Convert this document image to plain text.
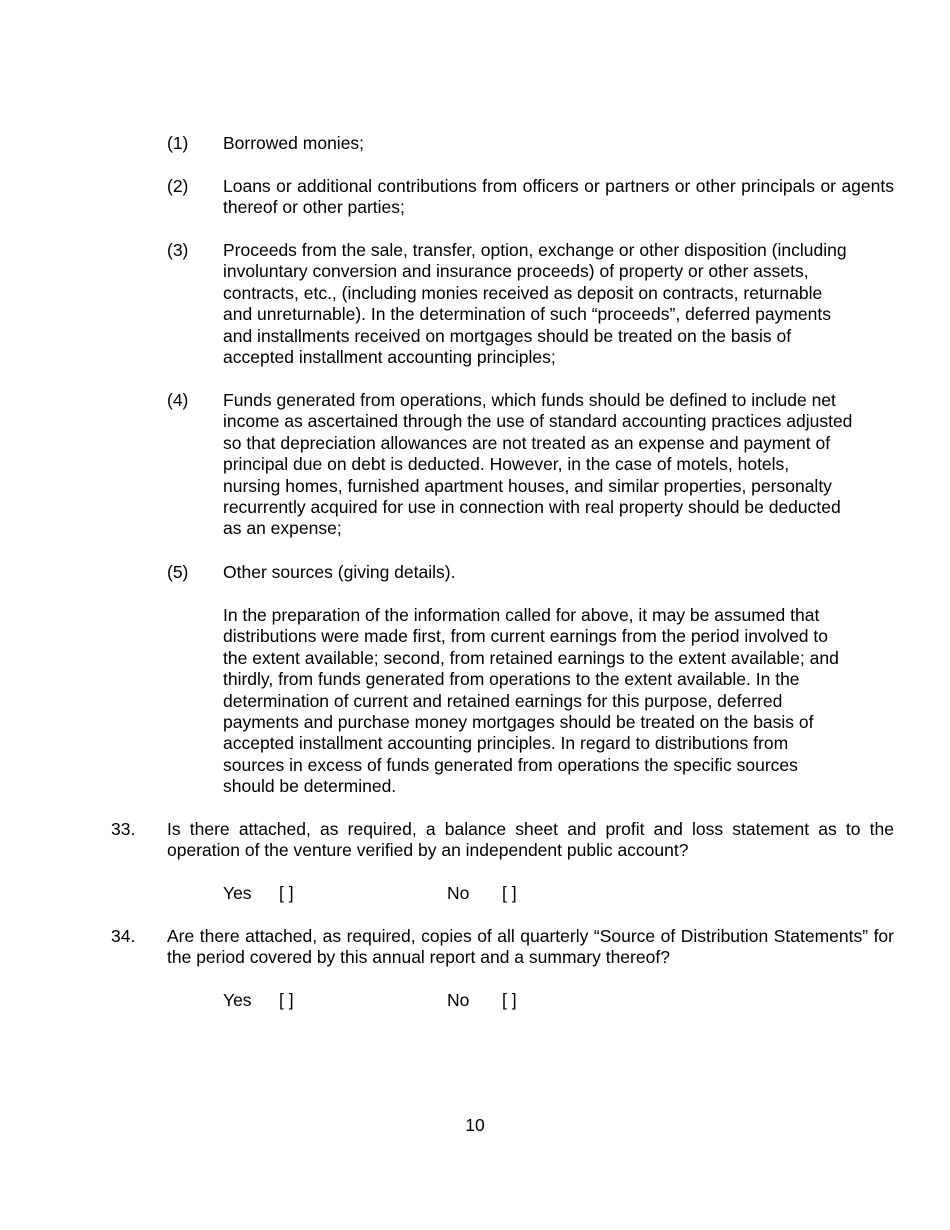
(1) Borrowed monies;
(2) Loans or additional contributions from officers or partners or other principals or agents thereof or other parties;
(3) Proceeds from the sale, transfer, option, exchange or other disposition (including
involuntary conversion and insurance proceeds) of property or other assets,
contracts, etc., (including monies received as deposit on contracts, returnable
and unreturnable). In the determination of such “proceeds”, deferred payments
and installments received on mortgages should be treated on the basis of
accepted installment accounting principles;
(4) Funds generated from operations, which funds should be defined to include net
income as ascertained through the use of standard accounting practices adjusted
so that depreciation allowances are not treated as an expense and payment of
principal due on debt is deducted. However, in the case of motels, hotels,
nursing homes, furnished apartment houses, and similar properties, personalty
recurrently acquired for use in connection with real property should be deducted
as an expense;
(5) Other sources (giving details).
In the preparation of the information called for above, it may be assumed that
distributions were made first, from current earnings from the period involved to
the extent available; second, from retained earnings to the extent available; and
thirdly, from funds generated from operations to the extent available. In the
determination of current and retained earnings for this purpose, deferred
payments and purchase money mortgages should be treated on the basis of
accepted installment accounting principles. In regard to distributions from
sources in excess of funds generated from operations the specific sources
should be determined.
33. Is there attached, as required, a balance sheet and profit and loss statement as to the operation of the venture verified by an independent public account?
Yes [ ]	No [ ]
34. Are there attached, as required, copies of all quarterly “Source of Distribution Statements” for the period covered by this annual report and a summary thereof?
Yes [ ]	No [ ]
10
